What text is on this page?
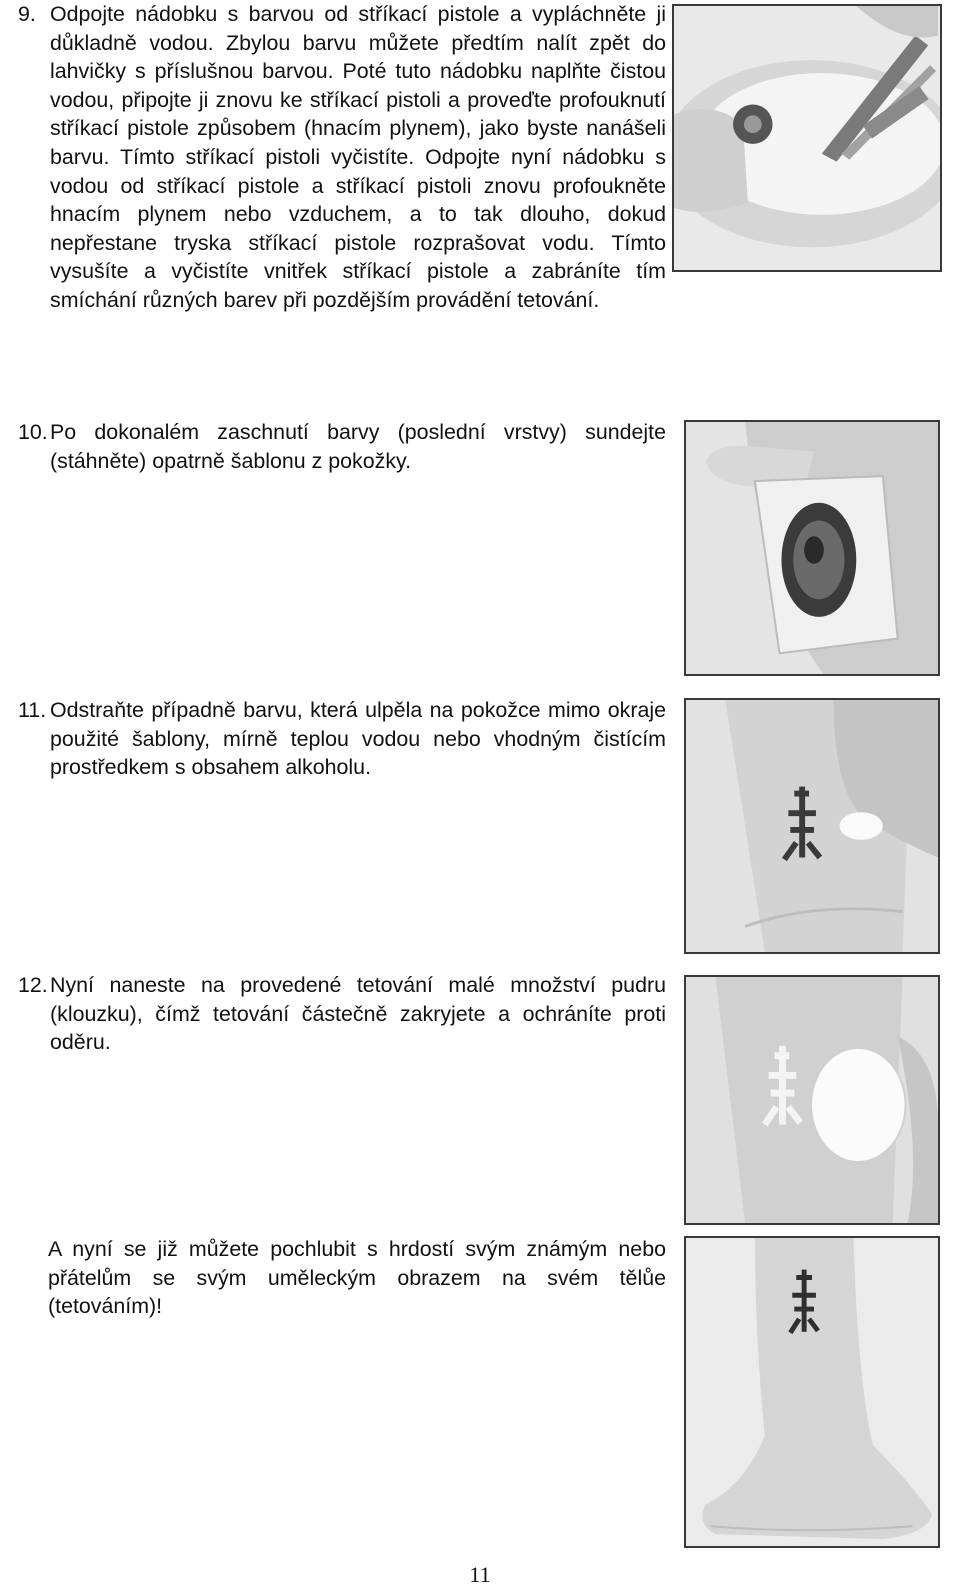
9. Odpojte nádobku s barvou od stříkací pistole a vypláchněte ji důkladně vodou. Zbylou barvu můžete předtím nalít zpět do lahvičky s příslušnou barvou. Poté tuto nádobku naplňte čistou vodou, připojte ji znovu ke stříkací pistoli a proveďte profouknutí stříkací pistole způsobem (hnacím plynem), jako byste nanášeli barvu. Tímto stříkací pistoli vyčistíte. Odpojte nyní nádobku s vodou od stříkací pistole a stříkací pistoli znovu profoukněte hnacím plynem nebo vzduchem, a to tak dlouho, dokud nepřestane tryska stříkací pistole rozprašovat vodu. Tímto vysušíte a vyčistíte vnitřek stříkací pistole a zabráníte tím smíchání různých barev při pozdějším provádění tetování.
10. Po dokonalém zaschnutí barvy (poslední vrstvy) sundejte (stáhněte) opatrně šablonu z pokožky.
11. Odstraňte případně barvu, která ulpěla na pokožce mimo okraje použité šablony, mírně teplou vodou nebo vhodným čistícím prostředkem s obsahem alkoholu.
12. Nyní naneste na provedené tetování malé množství pudru (klouzku), čímž tetování částečně zakryjete a ochráníte proti oděru.
A nyní se již můžete pochlubit s hrdostí svým známým nebo přátelům se svým uměleckým obrazem na svém tělůe (tetováním)!
11
